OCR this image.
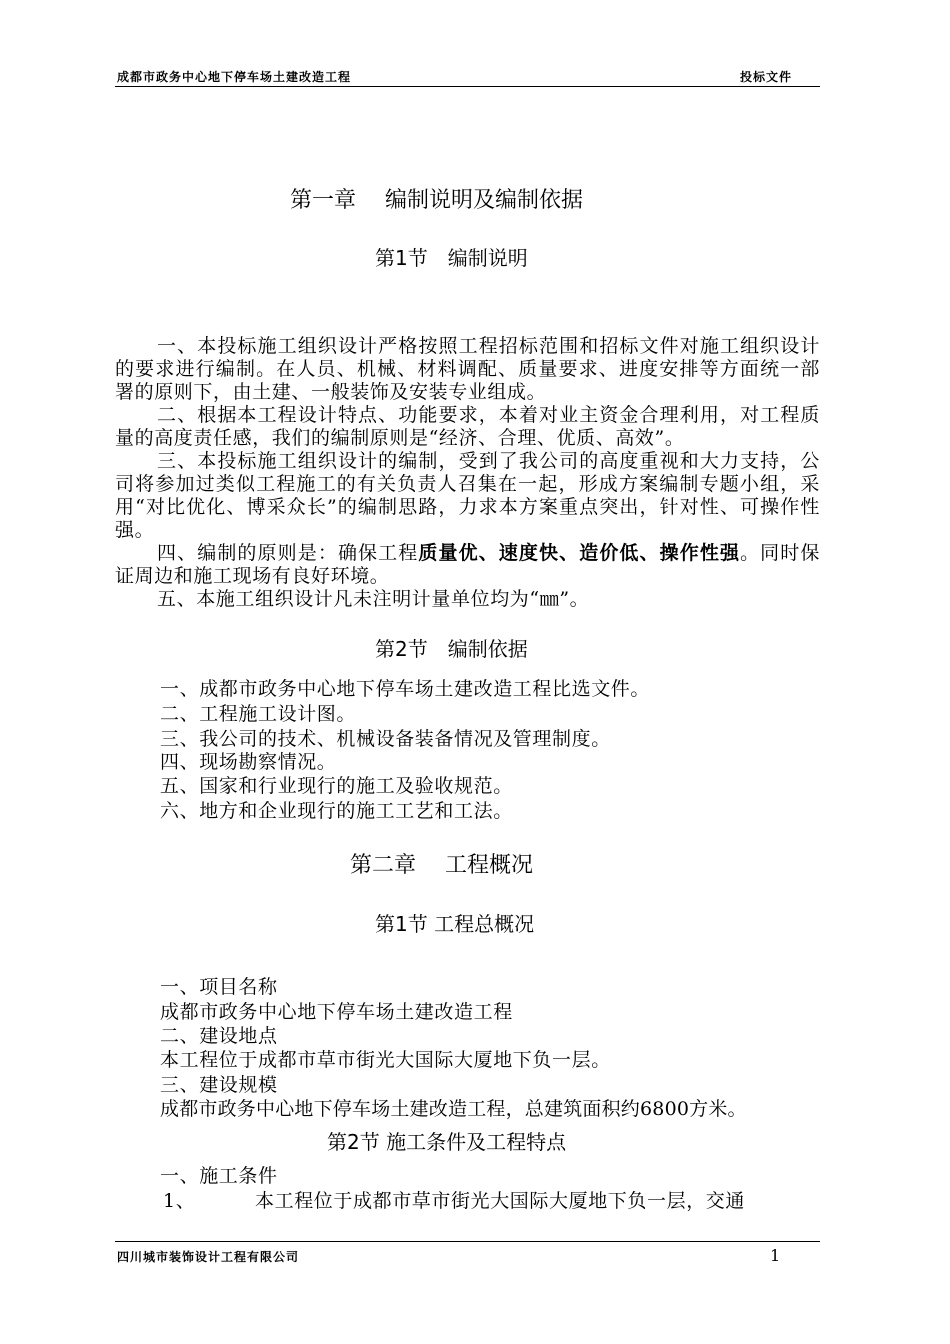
成都市政务中心地下停车场土建改造工程	投标文件
第一章　 编制说明及编制依据
第1节　编制说明

一、本投标施工组织设计严格按照工程招标范围和招标文件对施工组织设计的要求进行编制。在人员、机械、材料调配、质量要求、进度安排等方面统一部署的原则下，由土建、一般装饰及安装专业组成。

二、根据本工程设计特点、功能要求，本着对业主资金合理利用，对工程质量的高度责任感，我们的编制原则是“经济、合理、优质、高效”。

三、本投标施工组织设计的编制，受到了我公司的高度重视和大力支持，公司将参加过类似工程施工的有关负责人召集在一起，形成方案编制专题小组，采用“对比优化、博采众长”的编制思路，力求本方案重点突出，针对性、可操作性强。

四、编制的原则是：确保工程质量优、速度快、造价低、操作性强。同时保证周边和施工现场有良好环境。

五、本施工组织设计凡未注明计量单位均为“㎜”。

第2节　编制依据
一、成都市政务中心地下停车场土建改造工程比选文件。
二、工程施工设计图。
三、我公司的技术、机械设备装备情况及管理制度。
四、现场勘察情况。
五、国家和行业现行的施工及验收规范。
六、地方和企业现行的施工工艺和工法。
第二章　 工程概况
第1节 工程总概况
一、项目名称
成都市政务中心地下停车场土建改造工程
二、建设地点
本工程位于成都市草市街光大国际大厦地下负一层。
三、建设规模
成都市政务中心地下停车场土建改造工程，总建筑面积约6800方米。
第2节 施工条件及工程特点
一、施工条件
1、	本工程位于成都市草市街光大国际大厦地下负一层，交通
四川城市装饰设计工程有限公司	1
